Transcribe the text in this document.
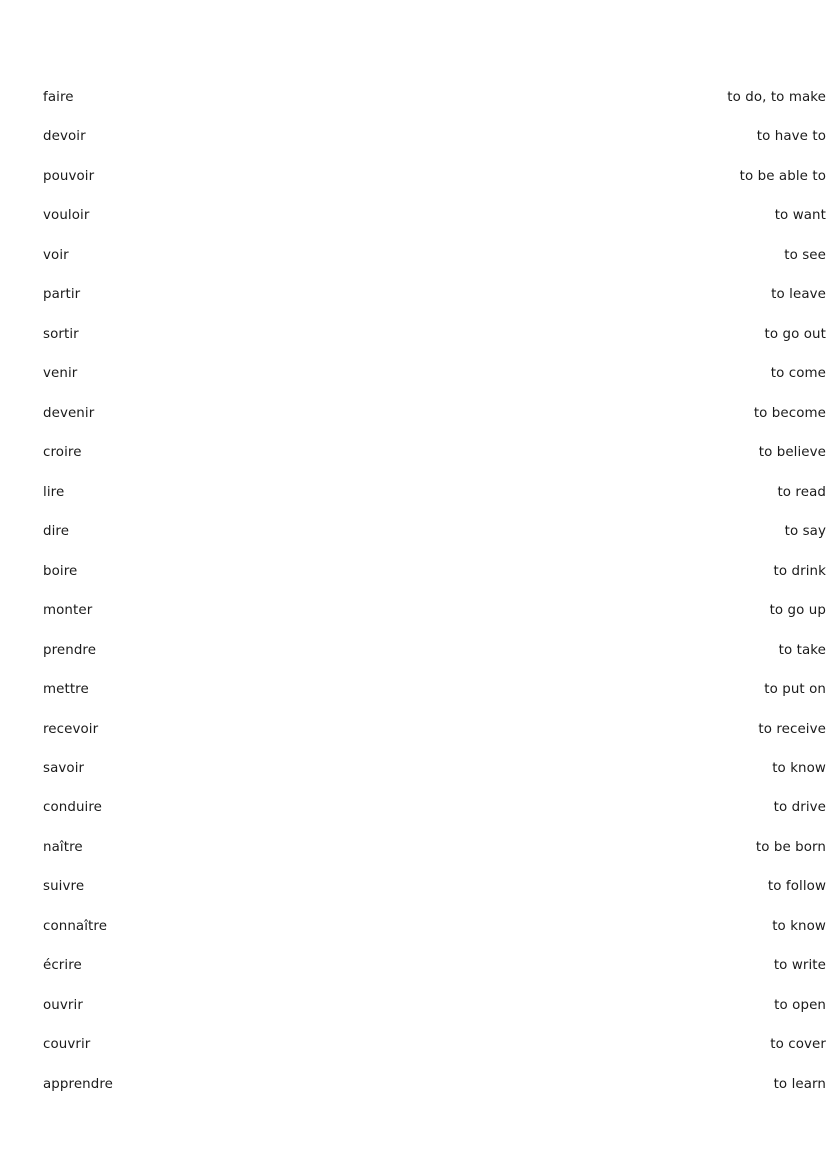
faire	to do, to make
devoir	to have to
pouvoir	to be able to
vouloir	to want
voir	to see
partir	to leave
sortir	to go out
venir	to come
devenir	to become
croire	to believe
lire	to read
dire	to say
boire	to drink
monter	to go up
prendre	to take
mettre	to put on
recevoir	to receive
savoir	to know
conduire	to drive
naître	to be born
suivre	to follow
connaître	to know
écrire	to write
ouvrir	to open
couvrir	to cover
apprendre	to learn
